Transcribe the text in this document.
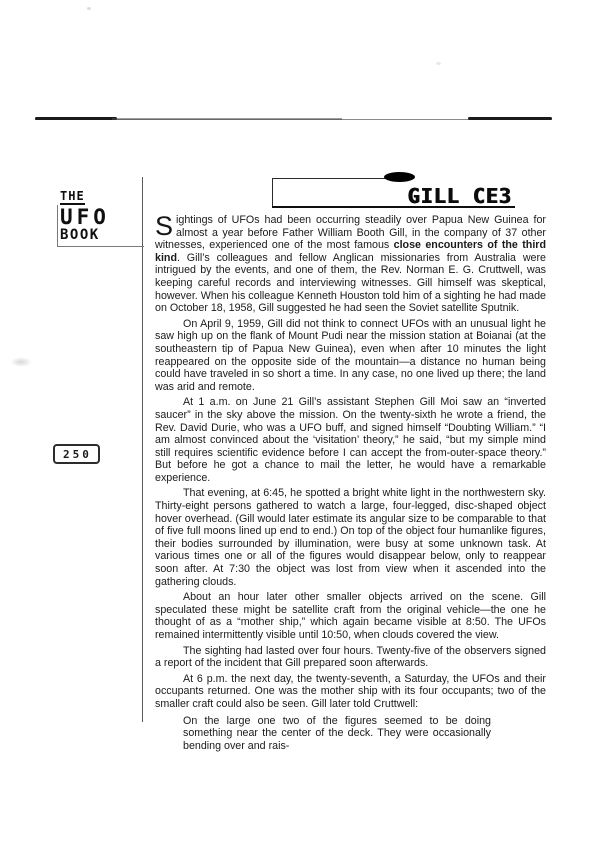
THE
UFO
BOOK
250
GILL CE3

Sightings of UFOs had been occurring steadily over Papua New Guinea for almost a year before Father William Booth Gill, in the company of 37 other witnesses, experienced one of the most famous close encounters of the third kind. Gill’s colleagues and fellow Anglican missionaries from Australia were intrigued by the events, and one of them, the Rev. Norman E. G. Cruttwell, was keeping careful records and interviewing witnesses. Gill himself was skeptical, however. When his colleague Kenneth Houston told him of a sighting he had made on October 18, 1958, Gill suggested he had seen the Soviet satellite Sputnik.

On April 9, 1959, Gill did not think to connect UFOs with an unusual light he saw high up on the flank of Mount Pudi near the mission station at Boianai (at the southeastern tip of Papua New Guinea), even when after 10 minutes the light reappeared on the opposite side of the mountain—a distance no human being could have traveled in so short a time. In any case, no one lived up there; the land was arid and remote.

At 1 a.m. on June 21 Gill’s assistant Stephen Gill Moi saw an “inverted saucer” in the sky above the mission. On the twenty-sixth he wrote a friend, the Rev. David Durie, who was a UFO buff, and signed himself “Doubting William.” “I am almost convinced about the ‘visitation’ theory,” he said, “but my simple mind still requires scientific evidence before I can accept the from-outer-space theory.” But before he got a chance to mail the letter, he would have a remarkable experience.

That evening, at 6:45, he spotted a bright white light in the northwestern sky. Thirty-eight persons gathered to watch a large, four-legged, disc-shaped object hover overhead. (Gill would later estimate its angular size to be comparable to that of five full moons lined up end to end.) On top of the object four humanlike figures, their bodies surrounded by illumination, were busy at some unknown task. At various times one or all of the figures would disappear below, only to reappear soon after. At 7:30 the object was lost from view when it ascended into the gathering clouds.

About an hour later other smaller objects arrived on the scene. Gill speculated these might be satellite craft from the original vehicle—the one he thought of as a “mother ship,” which again became visible at 8:50. The UFOs remained intermittently visible until 10:50, when clouds covered the view.

The sighting had lasted over four hours. Twenty-five of the observers signed a report of the incident that Gill prepared soon afterwards.

At 6 p.m. the next day, the twenty-seventh, a Saturday, the UFOs and their occupants returned. One was the mother ship with its four occupants; two of the smaller craft could also be seen. Gill later told Cruttwell:

On the large one two of the figures seemed to be doing something near the center of the deck. They were occasionally bending over and rais-
